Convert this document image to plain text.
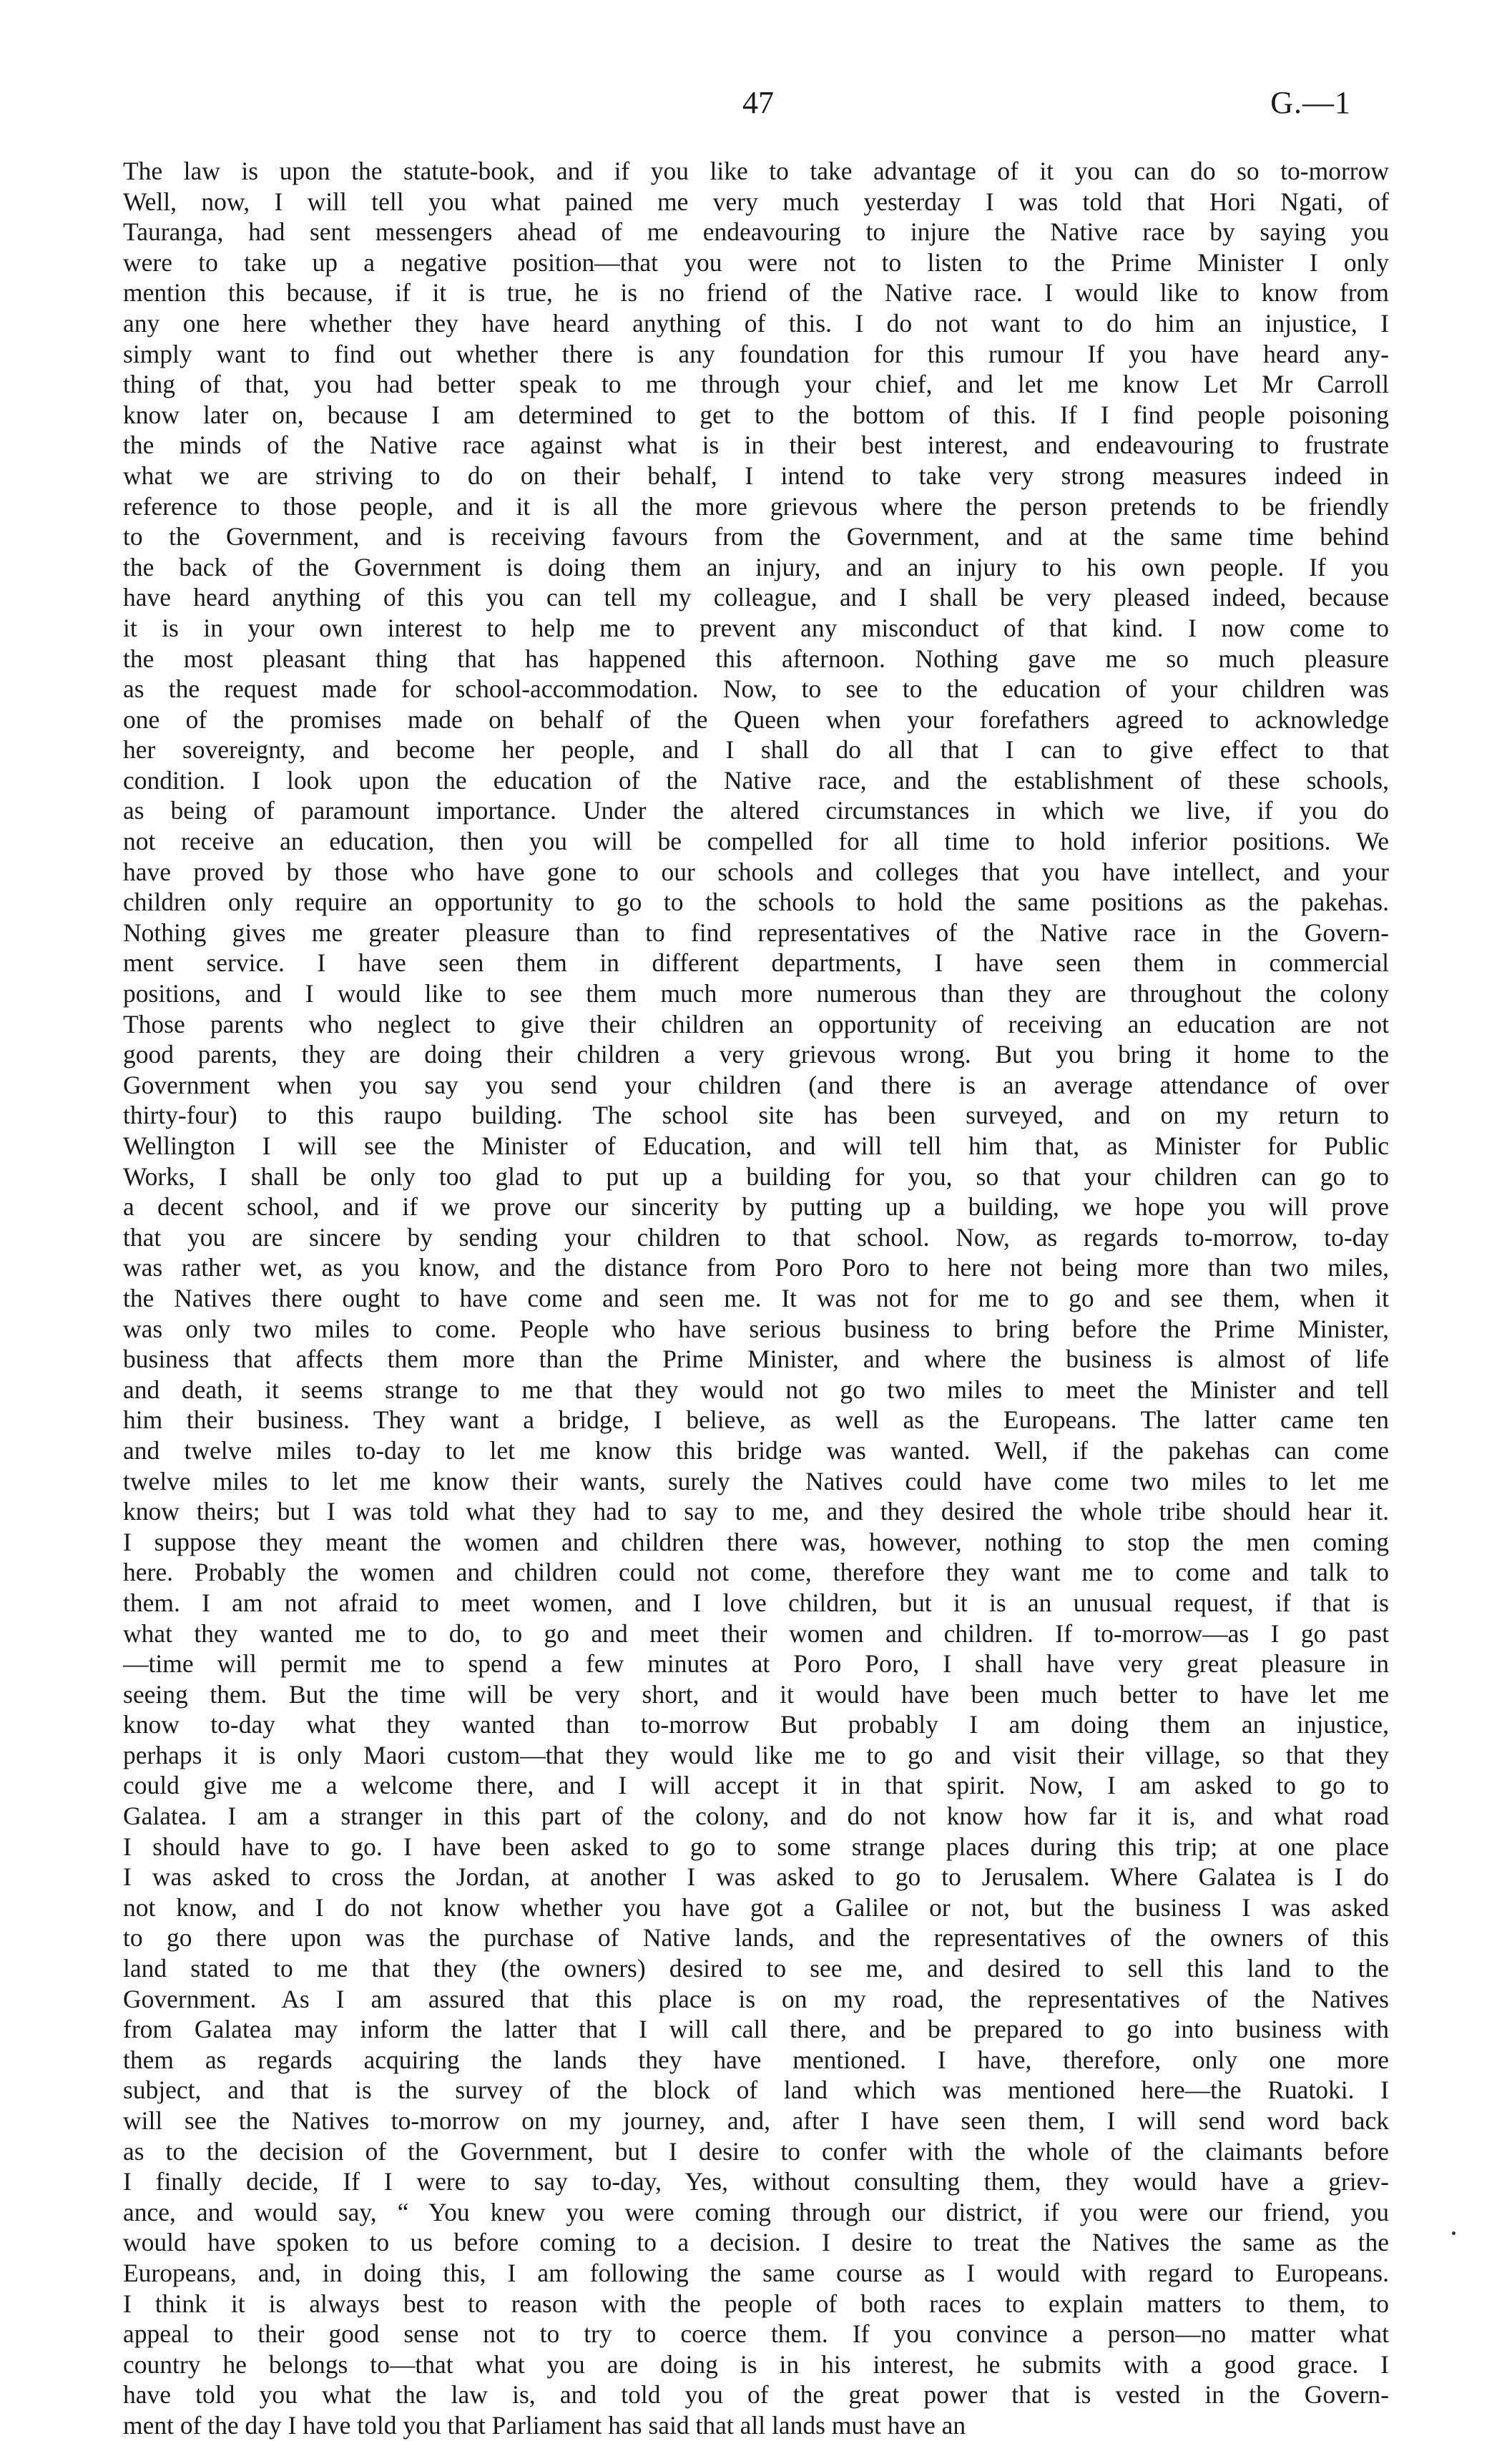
47	G.—1
The law is upon the statute-book, and if you like to take advantage of it you can do so to-morrow
Well, now, I will tell you what pained me very much yesterday I was told that Hori Ngati, of
Tauranga, had sent messengers ahead of me endeavouring to injure the Native race by saying you
were to take up a negative position—that you were not to listen to the Prime Minister I only
mention this because, if it is true, he is no friend of the Native race. I would like to know from
any one here whether they have heard anything of this. I do not want to do him an injustice, I
simply want to find out whether there is any foundation for this rumour If you have heard any-
thing of that, you had better speak to me through your chief, and let me know Let Mr Carroll
know later on, because I am determined to get to the bottom of this. If I find people poisoning
the minds of the Native race against what is in their best interest, and endeavouring to frustrate
what we are striving to do on their behalf, I intend to take very strong measures indeed in
reference to those people, and it is all the more grievous where the person pretends to be friendly
to the Government, and is receiving favours from the Government, and at the same time behind
the back of the Government is doing them an injury, and an injury to his own people. If you
have heard anything of this you can tell my colleague, and I shall be very pleased indeed, because
it is in your own interest to help me to prevent any misconduct of that kind. I now come to
the most pleasant thing that has happened this afternoon. Nothing gave me so much pleasure
as the request made for school-accommodation. Now, to see to the education of your children was
one of the promises made on behalf of the Queen when your forefathers agreed to acknowledge
her sovereignty, and become her people, and I shall do all that I can to give effect to that
condition. I look upon the education of the Native race, and the establishment of these schools,
as being of paramount importance. Under the altered circumstances in which we live, if you do
not receive an education, then you will be compelled for all time to hold inferior positions. We
have proved by those who have gone to our schools and colleges that you have intellect, and your
children only require an opportunity to go to the schools to hold the same positions as the pakehas.
Nothing gives me greater pleasure than to find representatives of the Native race in the Govern-
ment service. I have seen them in different departments, I have seen them in commercial
positions, and I would like to see them much more numerous than they are throughout the colony
Those parents who neglect to give their children an opportunity of receiving an education are not
good parents, they are doing their children a very grievous wrong. But you bring it home to the
Government when you say you send your children (and there is an average attendance of over
thirty-four) to this raupo building. The school site has been surveyed, and on my return to
Wellington I will see the Minister of Education, and will tell him that, as Minister for Public
Works, I shall be only too glad to put up a building for you, so that your children can go to
a decent school, and if we prove our sincerity by putting up a building, we hope you will prove
that you are sincere by sending your children to that school. Now, as regards to-morrow, to-day
was rather wet, as you know, and the distance from Poro Poro to here not being more than two miles,
the Natives there ought to have come and seen me. It was not for me to go and see them, when it
was only two miles to come. People who have serious business to bring before the Prime Minister,
business that affects them more than the Prime Minister, and where the business is almost of life
and death, it seems strange to me that they would not go two miles to meet the Minister and tell
him their business. They want a bridge, I believe, as well as the Europeans. The latter came ten
and twelve miles to-day to let me know this bridge was wanted. Well, if the pakehas can come
twelve miles to let me know their wants, surely the Natives could have come two miles to let me
know theirs; but I was told what they had to say to me, and they desired the whole tribe should hear it.
I suppose they meant the women and children there was, however, nothing to stop the men coming
here. Probably the women and children could not come, therefore they want me to come and talk to
them. I am not afraid to meet women, and I love children, but it is an unusual request, if that is
what they wanted me to do, to go and meet their women and children. If to-morrow—as I go past
—time will permit me to spend a few minutes at Poro Poro, I shall have very great pleasure in
seeing them. But the time will be very short, and it would have been much better to have let me
know to-day what they wanted than to-morrow But probably I am doing them an injustice,
perhaps it is only Maori custom—that they would like me to go and visit their village, so that they
could give me a welcome there, and I will accept it in that spirit. Now, I am asked to go to
Galatea. I am a stranger in this part of the colony, and do not know how far it is, and what road
I should have to go. I have been asked to go to some strange places during this trip; at one place
I was asked to cross the Jordan, at another I was asked to go to Jerusalem. Where Galatea is I do
not know, and I do not know whether you have got a Galilee or not, but the business I was asked
to go there upon was the purchase of Native lands, and the representatives of the owners of this
land stated to me that they (the owners) desired to see me, and desired to sell this land to the
Government. As I am assured that this place is on my road, the representatives of the Natives
from Galatea may inform the latter that I will call there, and be prepared to go into business with
them as regards acquiring the lands they have mentioned. I have, therefore, only one more
subject, and that is the survey of the block of land which was mentioned here—the Ruatoki. I
will see the Natives to-morrow on my journey, and, after I have seen them, I will send word back
as to the decision of the Government, but I desire to confer with the whole of the claimants before
I finally decide, If I were to say to-day, Yes, without consulting them, they would have a griev-
ance, and would say, “ You knew you were coming through our district, if you were our friend, you
would have spoken to us before coming to a decision. I desire to treat the Natives the same as the
Europeans, and, in doing this, I am following the same course as I would with regard to Europeans.
I think it is always best to reason with the people of both races to explain matters to them, to
appeal to their good sense not to try to coerce them. If you convince a person—no matter what
country he belongs to—that what you are doing is in his interest, he submits with a good grace. I
have told you what the law is, and told you of the great power that is vested in the Govern-
ment of the day I have told you that Parliament has said that all lands must have an
